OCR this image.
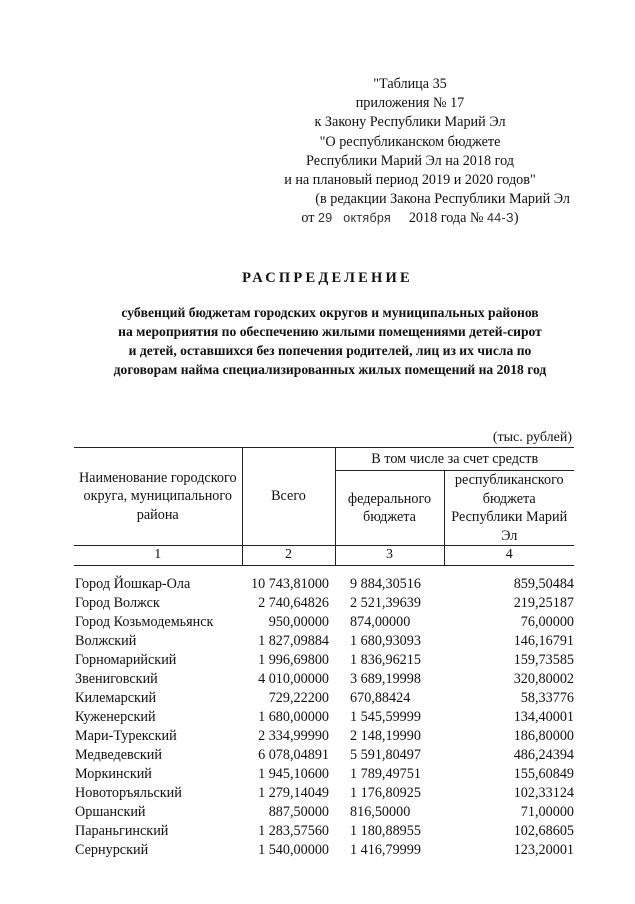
"Таблица 35
приложения № 17
к Закону Республики Марий Эл
"О республиканском бюджете
Республики Марий Эл на 2018 год
и на плановый период 2019 и 2020 годов"
(в редакции Закона Республики Марий Эл
от 29 октября 2018 года № 44-З)
РАСПРЕДЕЛЕНИЕ
субвенций бюджетам городских округов и муниципальных районов
на мероприятия по обеспечению жилыми помещениями детей-сирот
и детей, оставшихся без попечения родителей, лиц из их числа по
договорам найма специализированных жилых помещений на 2018 год
(тыс. рублей)
Наименование городского округа, муниципального района	Всего	В том числе за счет средств	
		федерального бюджета	республиканского бюджета Республики Марий Эл
1	2	3	4

Город Йошкар-Ола	10 743,81000	9 884,30516	859,50484
Город Волжск	2 740,64826	2 521,39639	219,25187
Город Козьмодемьянск	950,00000	874,00000	76,00000
Волжский	1 827,09884	1 680,93093	146,16791
Горномарийский	1 996,69800	1 836,96215	159,73585
Звениговский	4 010,00000	3 689,19998	320,80002
Килемарский	729,22200	670,88424	58,33776
Куженерский	1 680,00000	1 545,59999	134,40001
Мари-Турекский	2 334,99990	2 148,19990	186,80000
Медведевский	6 078,04891	5 591,80497	486,24394
Моркинский	1 945,10600	1 789,49751	155,60849
Новоторъяльский	1 279,14049	1 176,80925	102,33124
Оршанский	887,50000	816,50000	71,00000
Параньгинский	1 283,57560	1 180,88955	102,68605
Сернурский	1 540,00000	1 416,79999	123,20001
